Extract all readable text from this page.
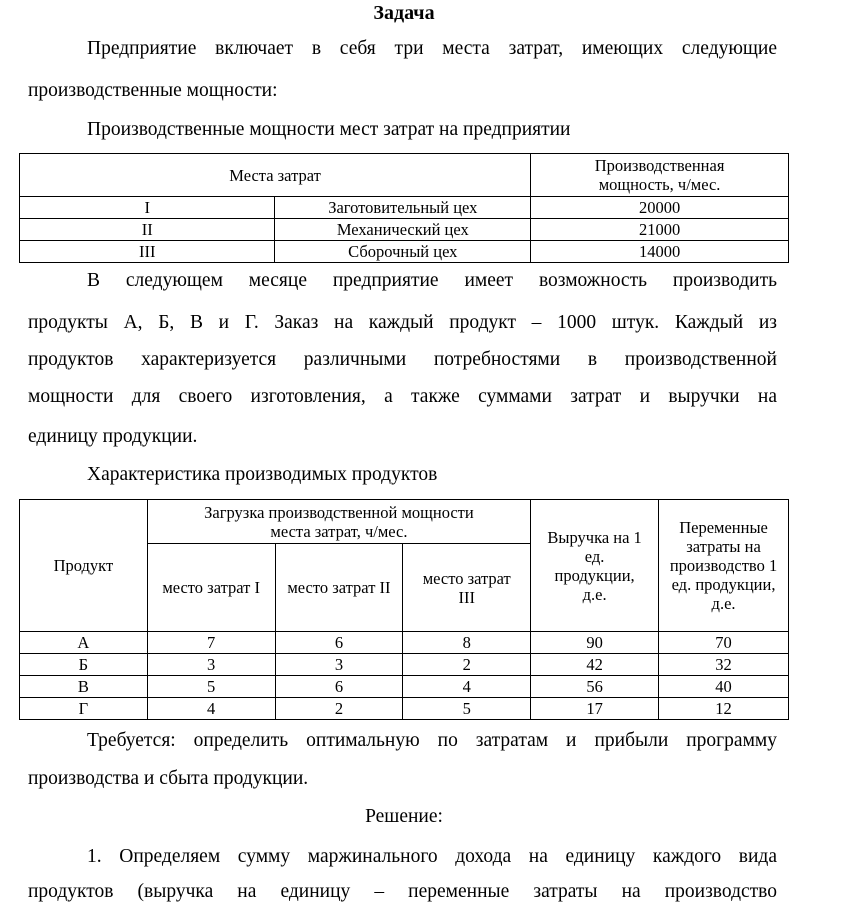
Задача
Предприятие включает в себя три места затрат, имеющих следующие
производственные мощности:
Производственные мощности мест затрат на предприятии
Места затрат		Производственная мощность, ч/мес.
I	Заготовительный цех	20000
II	Механический цех	21000
III	Сборочный цех	14000
В следующем месяце предприятие имеет возможность производить
продукты А, Б, В и Г. Заказ на каждый продукт – 1000 штук. Каждый из
продуктов характеризуется различными потребностями в производственной
мощности для своего изготовления, а также суммами затрат и выручки на
единицу продукции.
Характеристика производимых продуктов
Продукт	Загрузка производственной мощности места затрат, ч/мес.			Выручка на 1 ед. продукции, д.е.	Переменные затраты на производство 1 ед. продукции, д.е.
	место затрат I	место затрат II	место затрат III		
А	7	6	8	90	70
Б	3	3	2	42	32
В	5	6	4	56	40
Г	4	2	5	17	12
Требуется: определить оптимальную по затратам и прибыли программу
производства и сбыта продукции.
Решение:
1. Определяем сумму маржинального дохода на единицу каждого вида
продуктов (выручка на единицу – переменные затраты на производство
